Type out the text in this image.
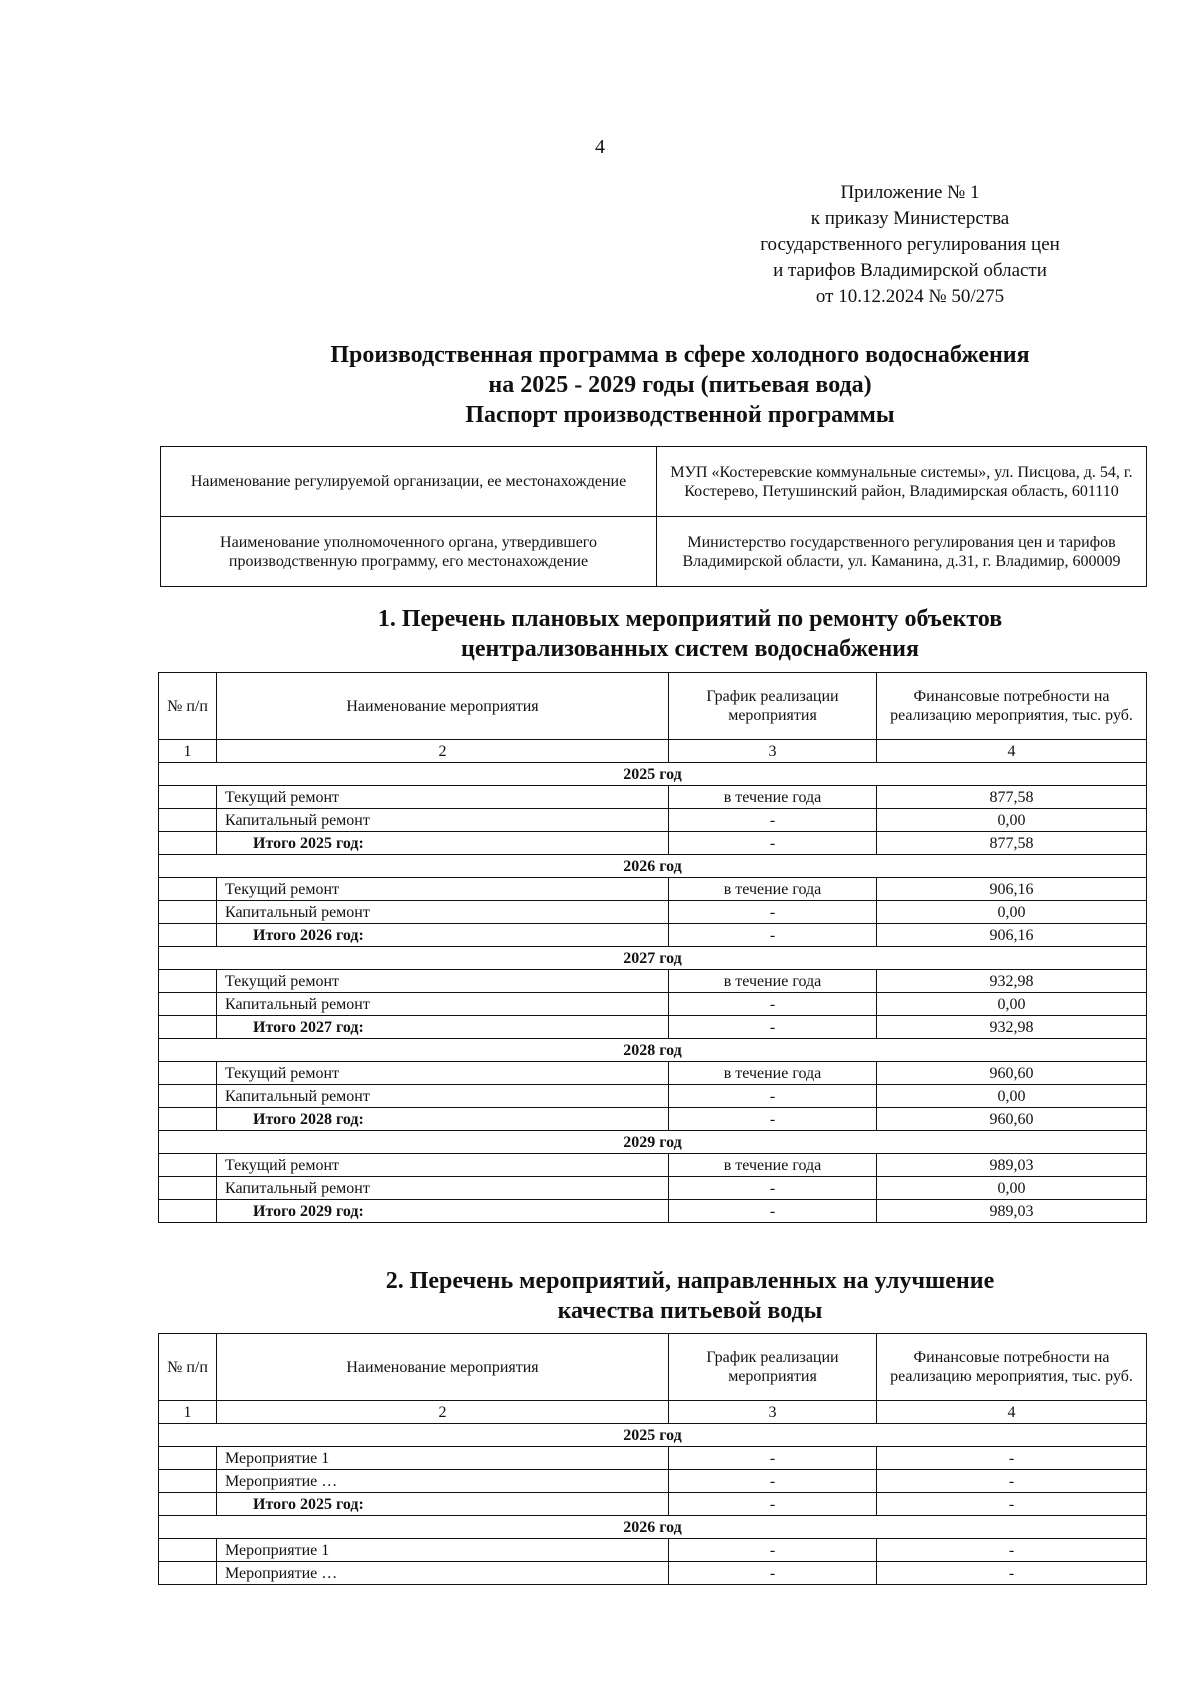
4
Приложение № 1
к приказу Министерства
государственного регулирования цен
и тарифов Владимирской области
от 10.12.2024 № 50/275
Производственная программа в сфере холодного водоснабжения
на 2025 - 2029 годы (питьевая вода)
Паспорт производственной программы
Наименование регулируемой организации, ее местонахождение	МУП «Костеревские коммунальные системы», ул. Писцова, д. 54, г. Костерево, Петушинский район, Владимирская область, 601110
Наименование уполномоченного органа, утвердившего производственную программу, его местонахождение	Министерство государственного регулирования цен и тарифов Владимирской области, ул. Каманина, д.31, г. Владимир, 600009
1. Перечень плановых мероприятий по ремонту объектов
централизованных систем водоснабжения
№ п/п	Наименование мероприятия	График реализации мероприятия	Финансовые потребности на реализацию мероприятия, тыс. руб.
1	2	3	4
2025 год			
	Текущий ремонт	в течение года	877,58
	Капитальный ремонт	-	0,00
	Итого 2025 год:	-	877,58
2026 год			
	Текущий ремонт	в течение года	906,16
	Капитальный ремонт	-	0,00
	Итого 2026 год:	-	906,16
2027 год			
	Текущий ремонт	в течение года	932,98
	Капитальный ремонт	-	0,00
	Итого 2027 год:	-	932,98
2028 год			
	Текущий ремонт	в течение года	960,60
	Капитальный ремонт	-	0,00
	Итого 2028 год:	-	960,60
2029 год			
	Текущий ремонт	в течение года	989,03
	Капитальный ремонт	-	0,00
	Итого 2029 год:	-	989,03
2. Перечень мероприятий, направленных на улучшение
качества питьевой воды
№ п/п	Наименование мероприятия	График реализации мероприятия	Финансовые потребности на реализацию мероприятия, тыс. руб.
1	2	3	4
2025 год			
	Мероприятие 1	-	-
	Мероприятие …	-	-
	Итого 2025 год:	-	-
2026 год			
	Мероприятие 1	-	-
	Мероприятие …	-	-
